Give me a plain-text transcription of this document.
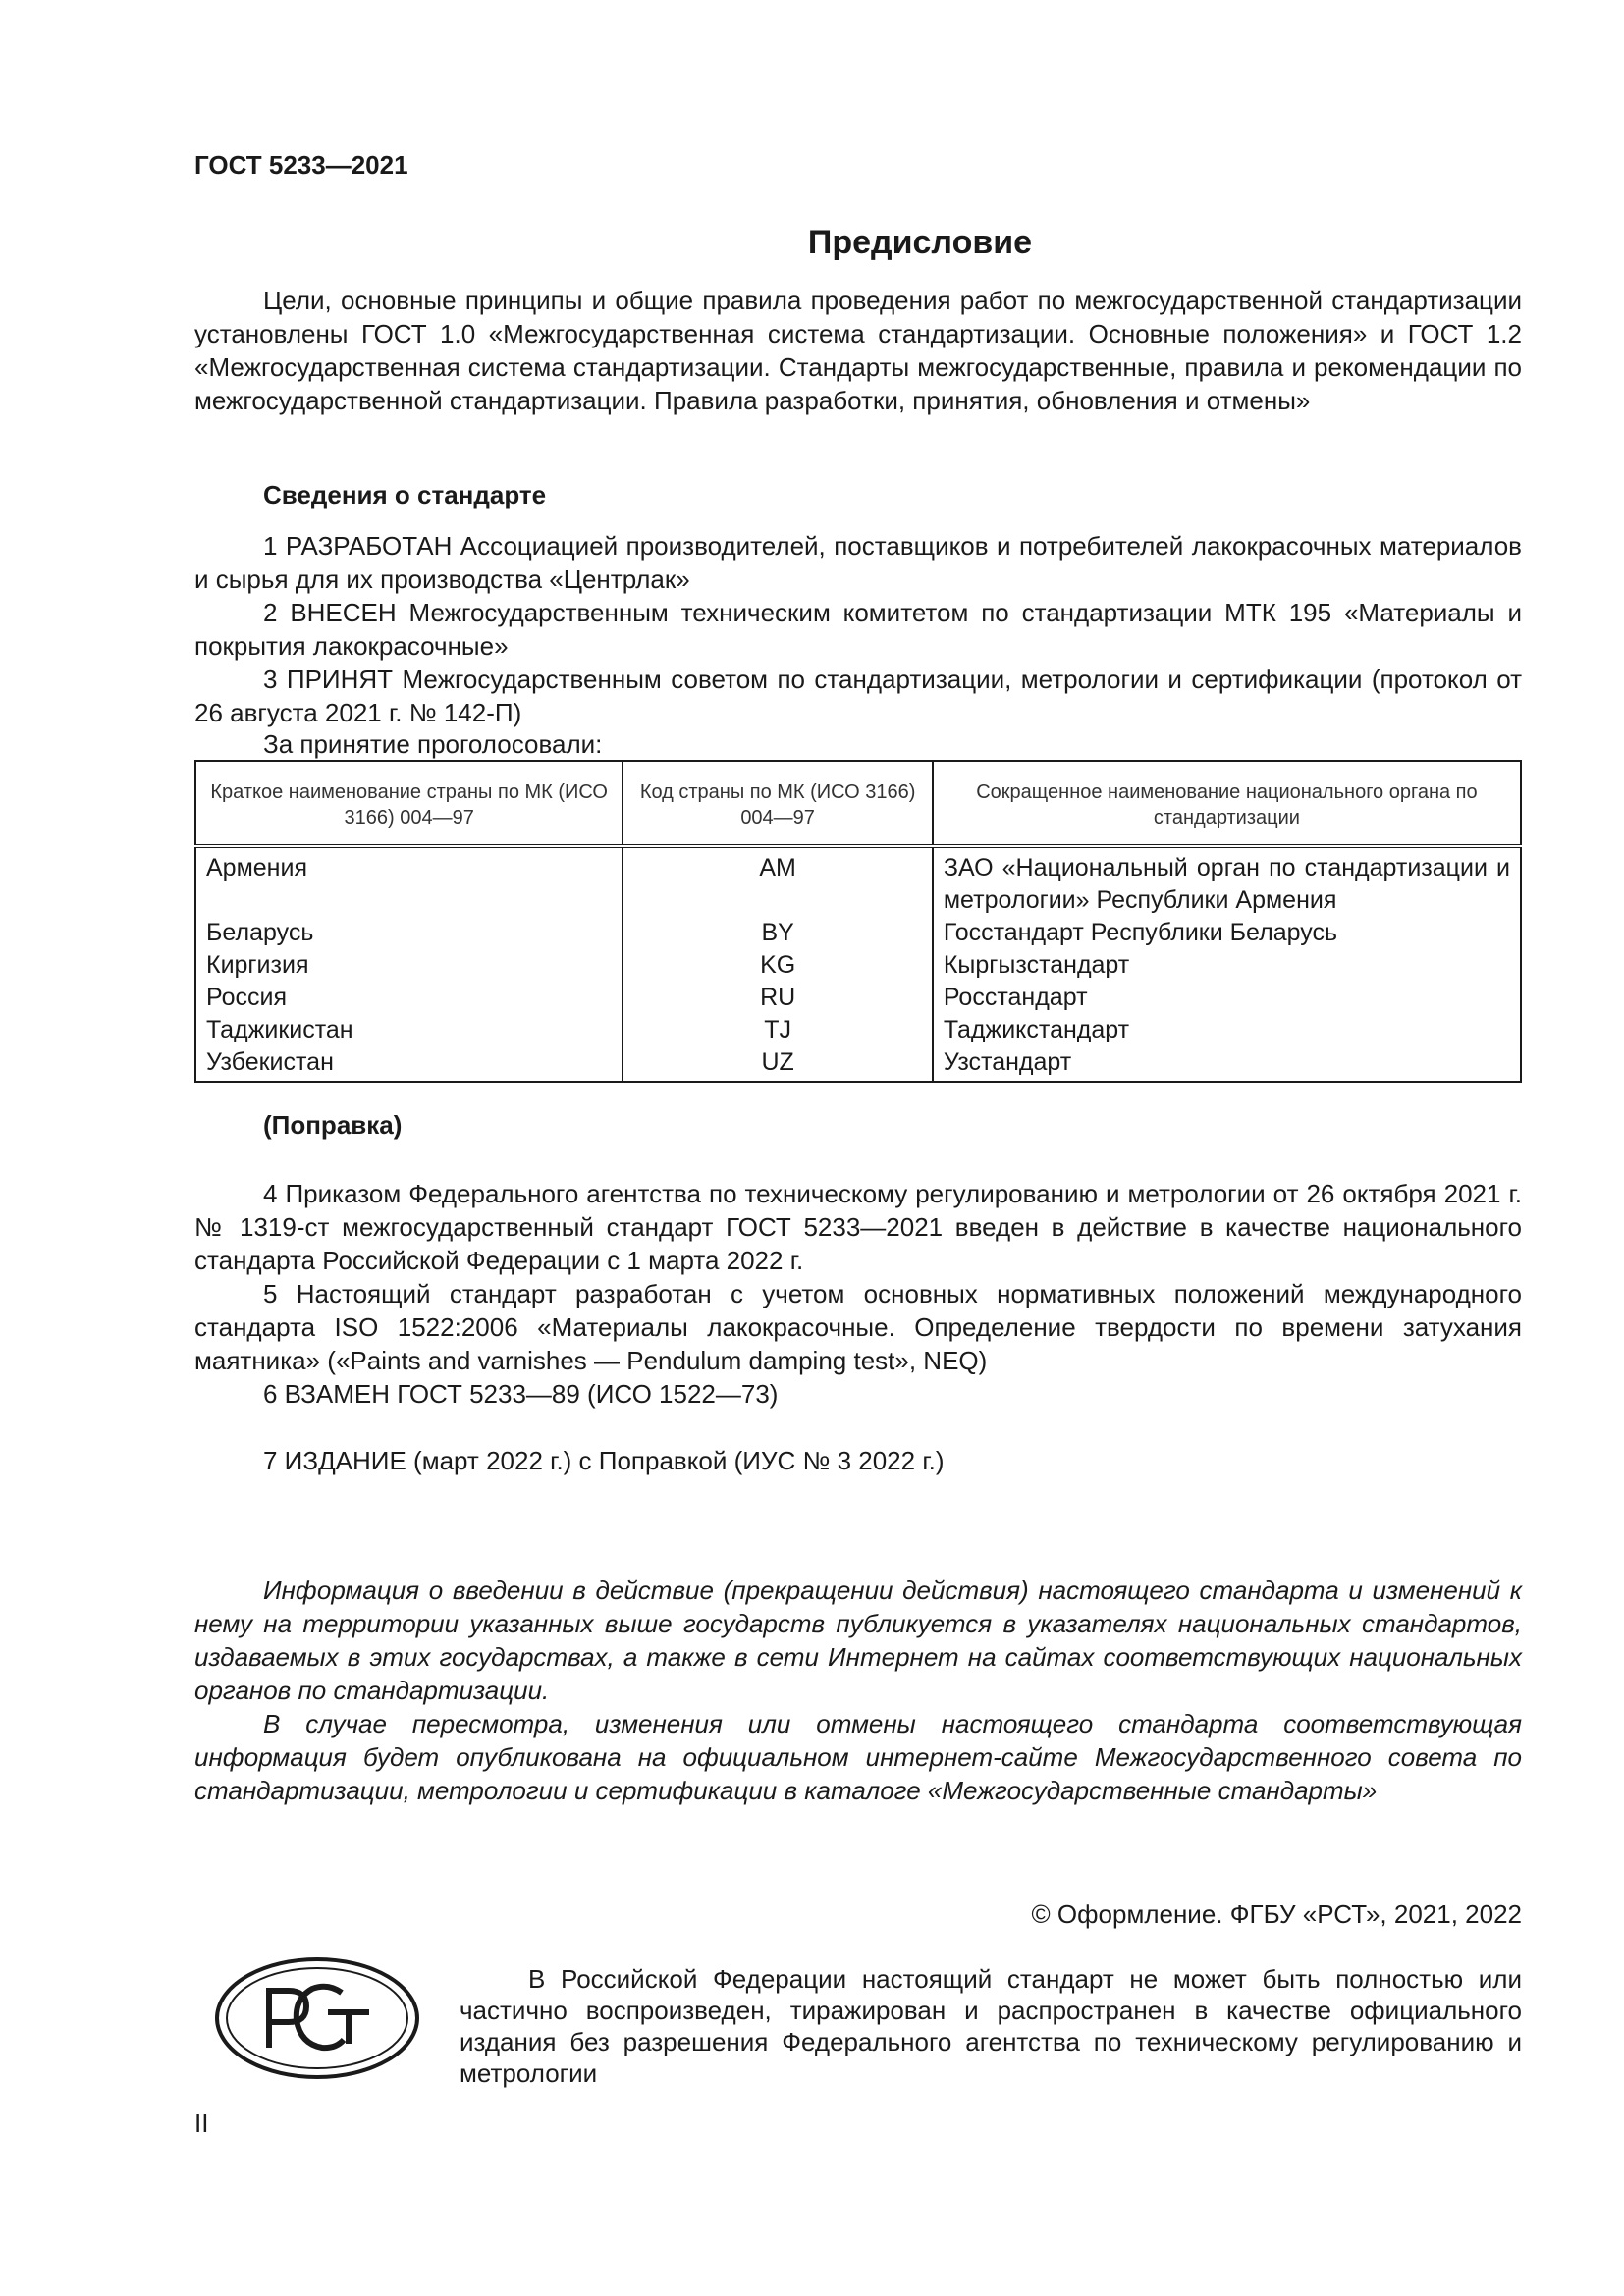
ГОСТ 5233—2021
Предисловие
Цели, основные принципы и общие правила проведения работ по межгосударственной стандартизации установлены ГОСТ 1.0 «Межгосударственная система стандартизации. Основные положения» и ГОСТ 1.2 «Межгосударственная система стандартизации. Стандарты межгосударственные, правила и рекомендации по межгосударственной стандартизации. Правила разработки, принятия, обновления и отмены»
Сведения о стандарте
1 РАЗРАБОТАН Ассоциацией производителей, поставщиков и потребителей лакокрасочных материалов и сырья для их производства «Центрлак»
2 ВНЕСЕН Межгосударственным техническим комитетом по стандартизации МТК 195 «Материалы и покрытия лакокрасочные»
3 ПРИНЯТ Межгосударственным советом по стандартизации, метрологии и сертификации (протокол от 26 августа 2021 г. № 142-П)
За принятие проголосовали:
Краткое наименование страны по МК (ИСО 3166) 004—97	Код страны по МК (ИСО 3166) 004—97	Сокращенное наименование национального органа по стандартизации
Армения	AM	ЗАО «Национальный орган по стандартизации и метрологии» Республики Армения
Беларусь	BY	Госстандарт Республики Беларусь
Киргизия	KG	Кыргызстандарт
Россия	RU	Росстандарт
Таджикистан	TJ	Таджикстандарт
Узбекистан	UZ	Узстандарт
(Поправка)
4 Приказом Федерального агентства по техническому регулированию и метрологии от 26 октября 2021 г. № 1319-ст межгосударственный стандарт ГОСТ 5233—2021 введен в действие в качестве национального стандарта Российской Федерации с 1 марта 2022 г.
5 Настоящий стандарт разработан с учетом основных нормативных положений международного стандарта ISO 1522:2006 «Материалы лакокрасочные. Определение твердости по времени затухания маятника» («Paints and varnishes — Pendulum damping test», NEQ)
6 ВЗАМЕН ГОСТ 5233—89 (ИСО 1522—73)
7 ИЗДАНИЕ (март 2022 г.) с Поправкой (ИУС № 3 2022 г.)
Информация о введении в действие (прекращении действия) настоящего стандарта и изменений к нему на территории указанных выше государств публикуется в указателях национальных стандартов, издаваемых в этих государствах, а также в сети Интернет на сайтах соответствующих национальных органов по стандартизации.
В случае пересмотра, изменения или отмены настоящего стандарта соответствующая информация будет опубликована на официальном интернет-сайте Межгосударственного совета по стандартизации, метрологии и сертификации в каталоге «Межгосударственные стандарты»
© Оформление. ФГБУ «РСТ», 2021, 2022
В Российской Федерации настоящий стандарт не может быть полностью или частично воспроизведен, тиражирован и распространен в качестве официального издания без разрешения Федерального агентства по техническому регулированию и метрологии
II
